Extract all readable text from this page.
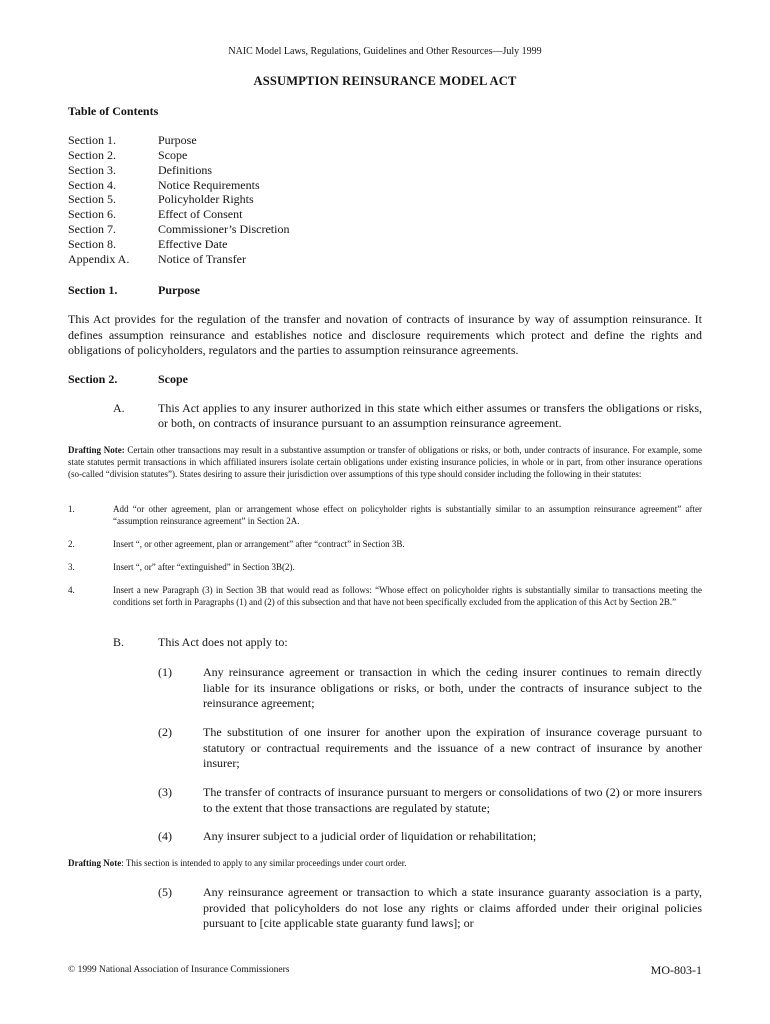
NAIC Model Laws, Regulations, Guidelines and Other Resources—July 1999
ASSUMPTION REINSURANCE MODEL ACT
Table of Contents
Section 1.	Purpose
Section 2.	Scope
Section 3.	Definitions
Section 4.	Notice Requirements
Section 5.	Policyholder Rights
Section 6.	Effect of Consent
Section 7.	Commissioner’s Discretion
Section 8.	Effective Date
Appendix A.	Notice of Transfer
Section 1.	Purpose
This Act provides for the regulation of the transfer and novation of contracts of insurance by way of assumption reinsurance. It defines assumption reinsurance and establishes notice and disclosure requirements which protect and define the rights and obligations of policyholders, regulators and the parties to assumption reinsurance agreements.
Section 2.	Scope
A.	This Act applies to any insurer authorized in this state which either assumes or transfers the obligations or risks, or both, on contracts of insurance pursuant to an assumption reinsurance agreement.
Drafting Note: Certain other transactions may result in a substantive assumption or transfer of obligations or risks, or both, under contracts of insurance. For example, some state statutes permit transactions in which affiliated insurers isolate certain obligations under existing insurance policies, in whole or in part, from other insurance operations (so-called “division statutes”). States desiring to assure their jurisdiction over assumptions of this type should consider including the following in their statutes:
1.	Add “or other agreement, plan or arrangement whose effect on policyholder rights is substantially similar to an assumption reinsurance agreement” after “assumption reinsurance agreement” in Section 2A.
2.	Insert “, or other agreement, plan or arrangement” after “contract” in Section 3B.
3.	Insert “, or” after “extinguished” in Section 3B(2).
4.	Insert a new Paragraph (3) in Section 3B that would read as follows: “Whose effect on policyholder rights is substantially similar to transactions meeting the conditions set forth in Paragraphs (1) and (2) of this subsection and that have not been specifically excluded from the application of this Act by Section 2B.”
B.	This Act does not apply to:
(1)	Any reinsurance agreement or transaction in which the ceding insurer continues to remain directly liable for its insurance obligations or risks, or both, under the contracts of insurance subject to the reinsurance agreement;
(2)	The substitution of one insurer for another upon the expiration of insurance coverage pursuant to statutory or contractual requirements and the issuance of a new contract of insurance by another insurer;
(3)	The transfer of contracts of insurance pursuant to mergers or consolidations of two (2) or more insurers to the extent that those transactions are regulated by statute;
(4)	Any insurer subject to a judicial order of liquidation or rehabilitation;
Drafting Note: This section is intended to apply to any similar proceedings under court order.
(5)	Any reinsurance agreement or transaction to which a state insurance guaranty association is a party, provided that policyholders do not lose any rights or claims afforded under their original policies pursuant to [cite applicable state guaranty fund laws]; or
© 1999 National Association of Insurance Commissioners	MO-803-1
